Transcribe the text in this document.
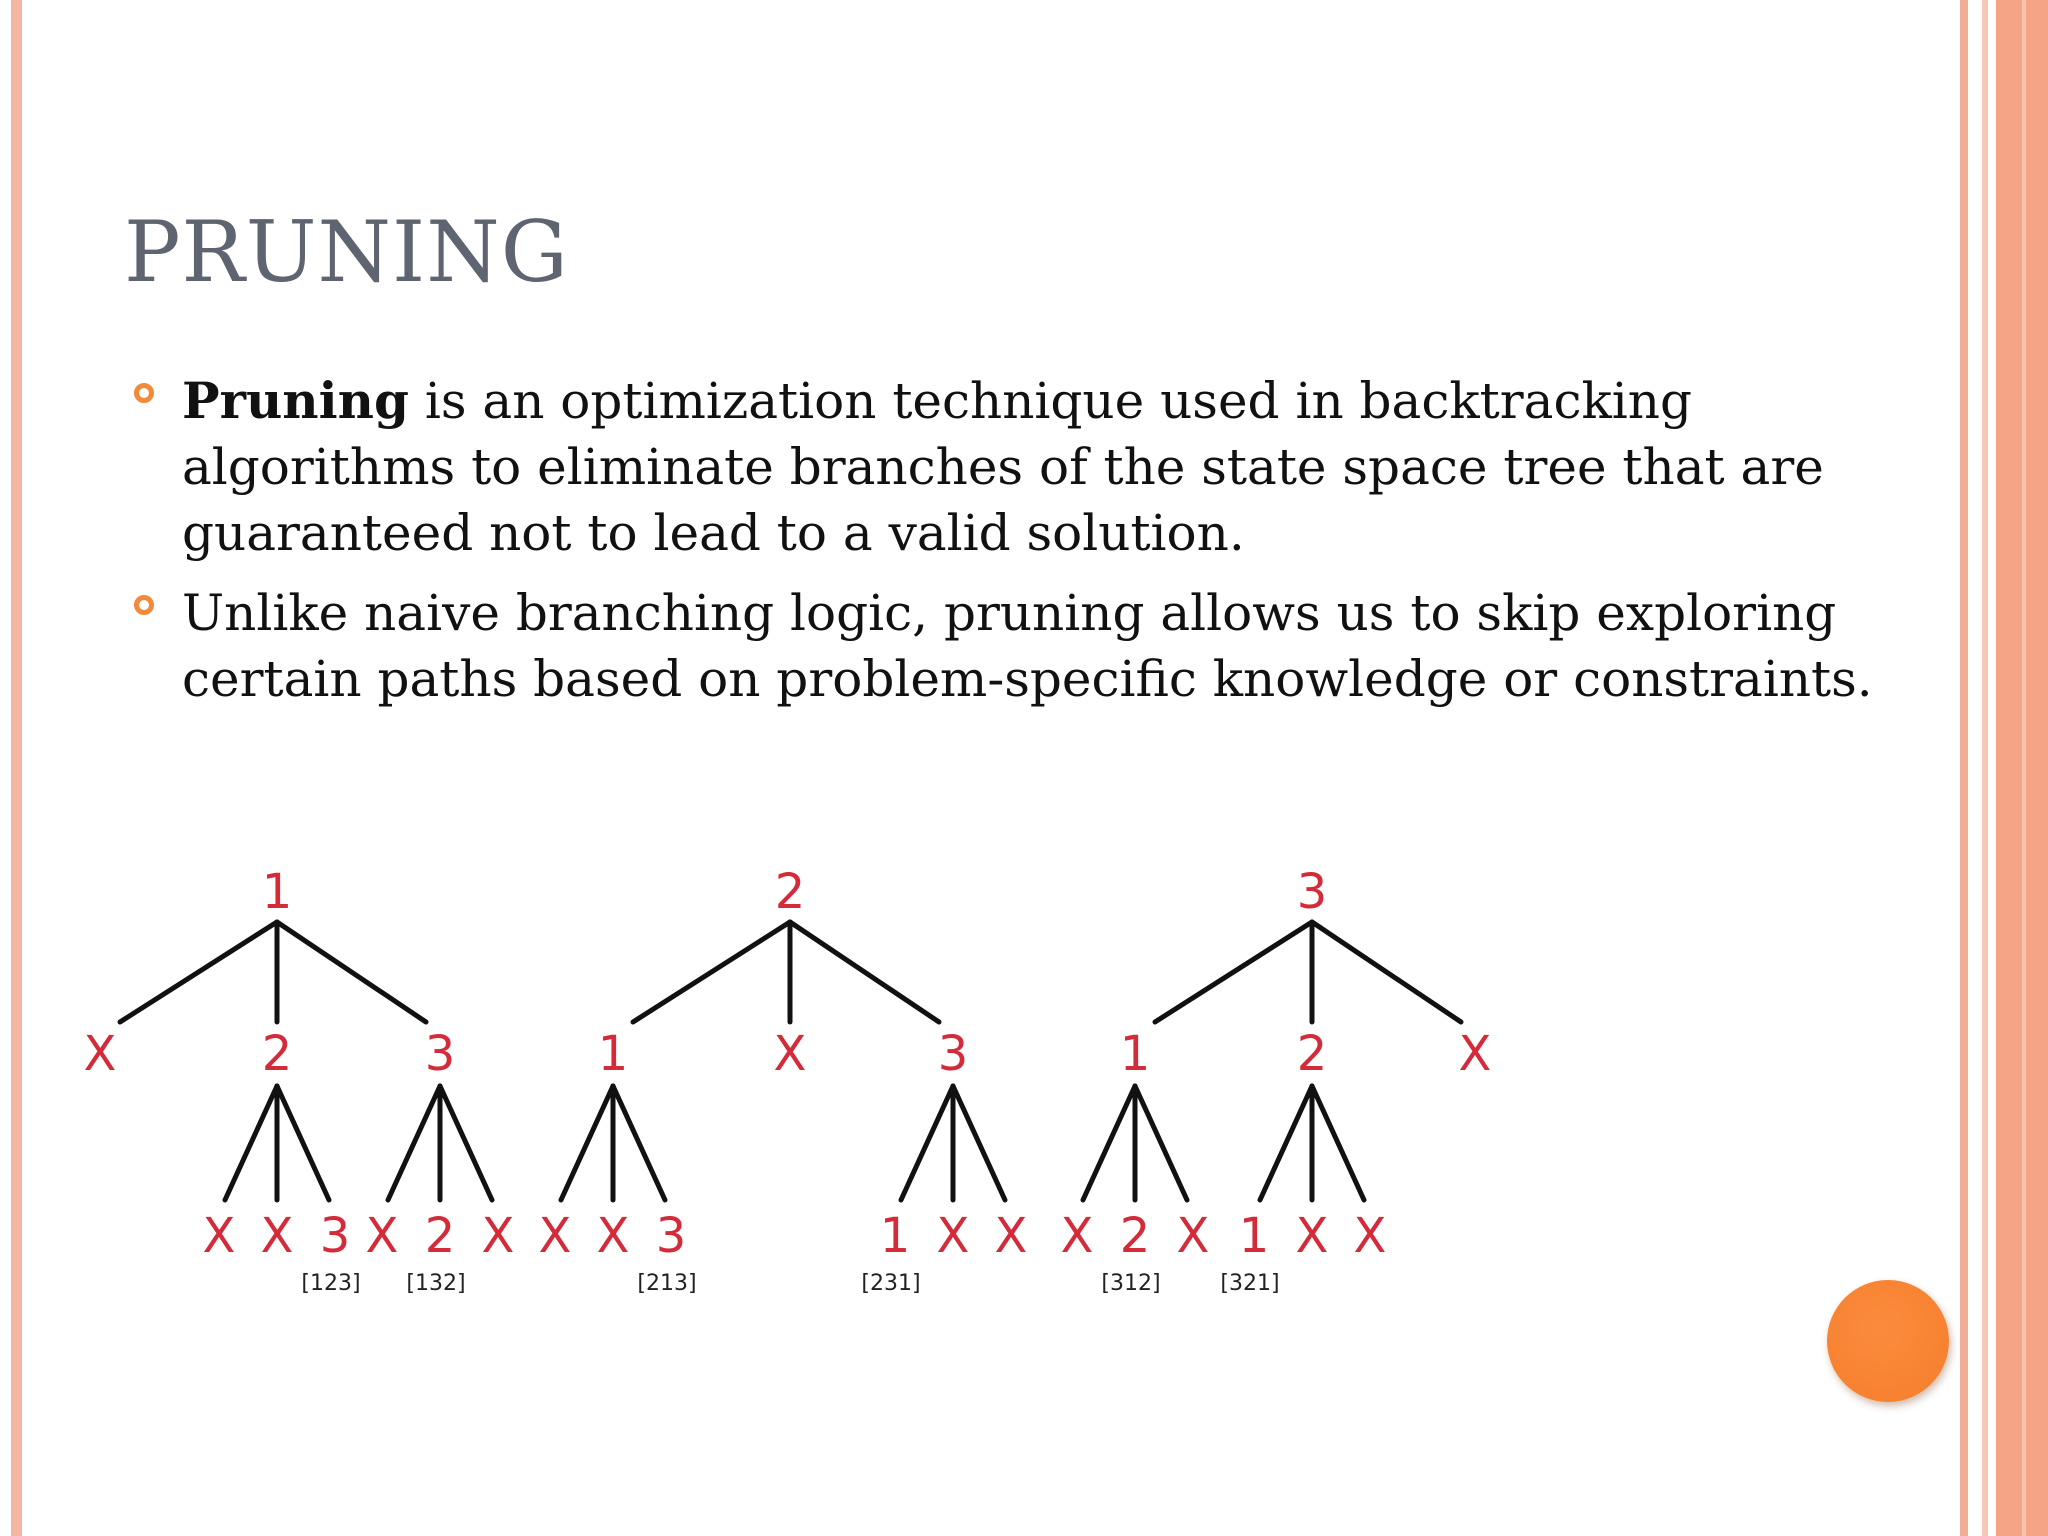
PRUNING
Pruning is an optimization technique used in backtracking algorithms to eliminate branches of the state space tree that are guaranteed not to lead to a valid solution.
Unlike naive branching logic, pruning allows us to skip exploring certain paths based on problem-specific knowledge or constraints.
1
X	2
X X 3
[123]
3
X 2
[132]
X
2
1
X X 3
[213]
X	3
1
[231]
X X
3
1
X 2
[312]
X
2
1
[321]
X X
X
